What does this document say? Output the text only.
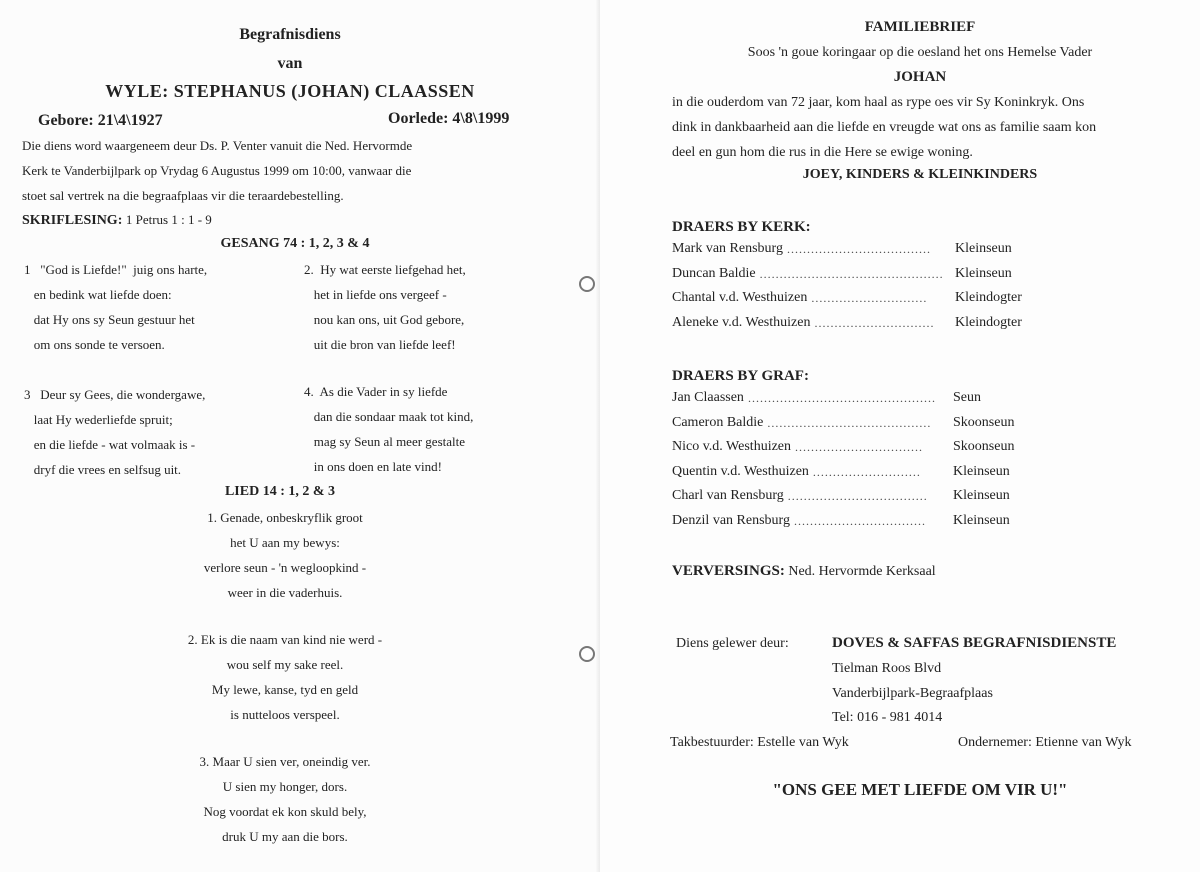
Begrafnisdiens
van
WYLE: STEPHANUS (JOHAN) CLAASSEN
Gebore: 21\4\1927	Oorlede: 4\8\1999
Die diens word waargeneem deur Ds. P. Venter vanuit die Ned. Hervormde
Kerk te Vanderbijlpark op Vrydag 6 Augustus 1999 om 10:00, vanwaar die
stoet sal vertrek na die begraafplaas vir die teraardebestelling.
SKRIFLESING: 1 Petrus 1 : 1 - 9
GESANG 74 : 1, 2, 3 & 4
1   "God is Liefde!"  juig ons harte,
en bedink wat liefde doen:
dat Hy ons sy Seun gestuur het
om ons sonde te versoen.
2.  Hy wat eerste liefgehad het,
het in liefde ons vergeef -
nou kan ons, uit God gebore,
uit die bron van liefde leef!
3   Deur sy Gees, die wondergawe,
laat Hy wederliefde spruit;
en die liefde - wat volmaak is -
dryf die vrees en selfsug uit.
4.  As die Vader in sy liefde
dan die sondaar maak tot kind,
mag sy Seun al meer gestalte
in ons doen en late vind!
LIED 14 : 1, 2 & 3
1. Genade, onbeskryflik groot
het U aan my bewys:
verlore seun - 'n wegloopkind -
weer in die vaderhuis.
2. Ek is die naam van kind nie werd -
wou self my sake reel.
My lewe, kanse, tyd en geld
is nutteloos verspeel.
3. Maar U sien ver, oneindig ver.
U sien my honger, dors.
Nog voordat ek kon skuld bely,
druk U my aan die bors.
FAMILIEBRIEF
Soos 'n goue koringaar op die oesland het ons Hemelse Vader
JOHAN
in die ouderdom van 72 jaar, kom haal as rype oes vir Sy Koninkryk. Ons
dink in dankbaarheid aan die liefde en vreugde wat ons as familie saam kon
deel en gun hom die rus in die Here se ewige woning.
JOEY, KINDERS & KLEINKINDERS
DRAERS BY KERK:
Mark van Rensburg ....................................	Kleinseun
Duncan Baldie .............................................. Kleinseun
Chantal v.d. Westhuizen .............................	Kleindogter
Aleneke v.d. Westhuizen ..............................	Kleindogter
DRAERS BY GRAF:
Jan Claassen ...............................................	Seun
Cameron Baldie .........................................	Skoonseun
Nico v.d. Westhuizen ................................	Skoonseun
Quentin v.d. Westhuizen ...........................	Kleinseun
Charl van Rensburg ...................................	Kleinseun
Denzil van Rensburg .................................	Kleinseun
VERVERSINGS: Ned. Hervormde Kerksaal
Diens gelewer deur:	DOVES & SAFFAS BEGRAFNISDIENSTE
Tielman Roos Blvd
Vanderbijlpark-Begraafplaas
Tel: 016 - 981 4014
Takbestuurder: Estelle van Wyk	Ondernemer: Etienne van Wyk
"ONS GEE MET LIEFDE OM VIR U!"
